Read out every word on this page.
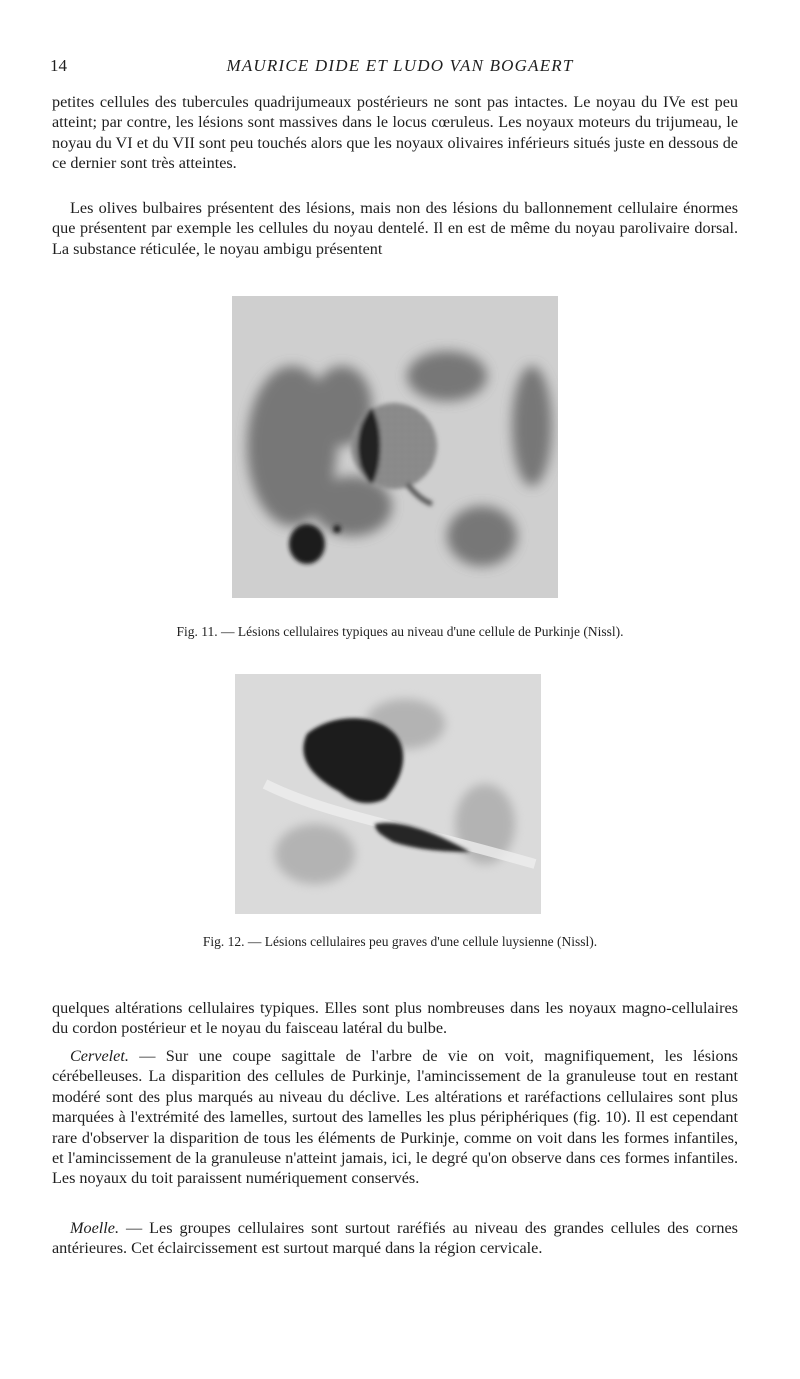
14	MAURICE DIDE ET LUDO VAN BOGAERT

petites cellules des tubercules quadrijumeaux postérieurs ne sont pas intactes. Le noyau du IVe est peu atteint; par contre, les lésions sont massives dans le locus cœruleus. Les noyaux moteurs du trijumeau, le noyau du VI et du VII sont peu touchés alors que les noyaux olivaires inférieurs situés juste en dessous de ce dernier sont très atteintes.

Les olives bulbaires présentent des lésions, mais non des lésions du ballonnement cellulaire énormes que présentent par exemple les cellules du noyau dentelé. Il en est de même du noyau parolivaire dorsal. La substance réticulée, le noyau ambigu présentent

Fig. 11. — Lésions cellulaires typiques au niveau d'une cellule de Purkinje (Nissl).
Fig. 12. — Lésions cellulaires peu graves d'une cellule luysienne (Nissl).

quelques altérations cellulaires typiques. Elles sont plus nombreuses dans les noyaux magno-cellulaires du cordon postérieur et le noyau du faisceau latéral du bulbe.

Cervelet. — Sur une coupe sagittale de l'arbre de vie on voit, magnifiquement, les lésions cérébelleuses. La disparition des cellules de Purkinje, l'amincissement de la granuleuse tout en restant modéré sont des plus marqués au niveau du déclive. Les altérations et raréfactions cellulaires sont plus marquées à l'extrémité des lamelles, surtout des lamelles les plus périphériques (fig. 10). Il est cependant rare d'observer la disparition de tous les éléments de Purkinje, comme on voit dans les formes infantiles, et l'amincissement de la granuleuse n'atteint jamais, ici, le degré qu'on observe dans ces formes infantiles. Les noyaux du toit paraissent numériquement conservés.

Moelle. — Les groupes cellulaires sont surtout raréfiés au niveau des grandes cellules des cornes antérieures. Cet éclaircissement est surtout marqué dans la région cervicale.
